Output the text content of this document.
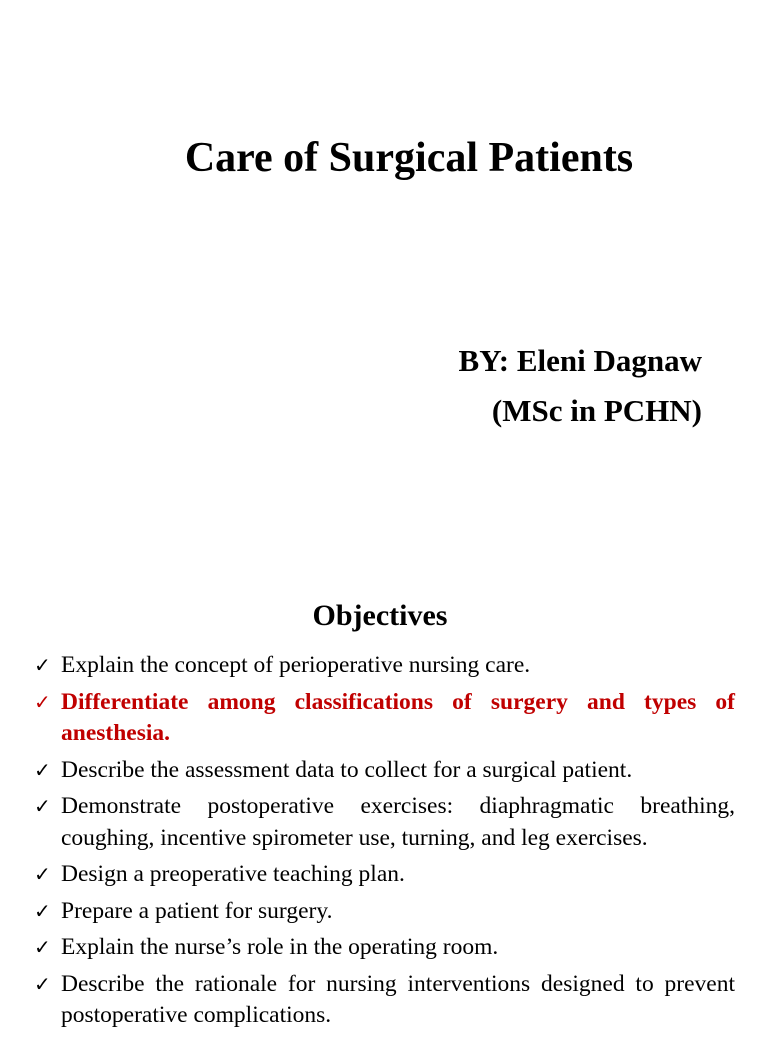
Care of Surgical Patients
BY: Eleni Dagnaw
(MSc in PCHN)
Objectives
✓ Explain the concept of perioperative nursing care.
✓ Differentiate among classifications of surgery and types of anesthesia.
✓ Describe the assessment data to collect for a surgical patient.
✓ Demonstrate postoperative exercises: diaphragmatic breathing, coughing, incentive spirometer use, turning, and leg exercises.
✓ Design a preoperative teaching plan.
✓ Prepare a patient for surgery.
✓ Explain the nurse’s role in the operating room.
✓ Describe the rationale for nursing interventions designed to prevent postoperative complications.
